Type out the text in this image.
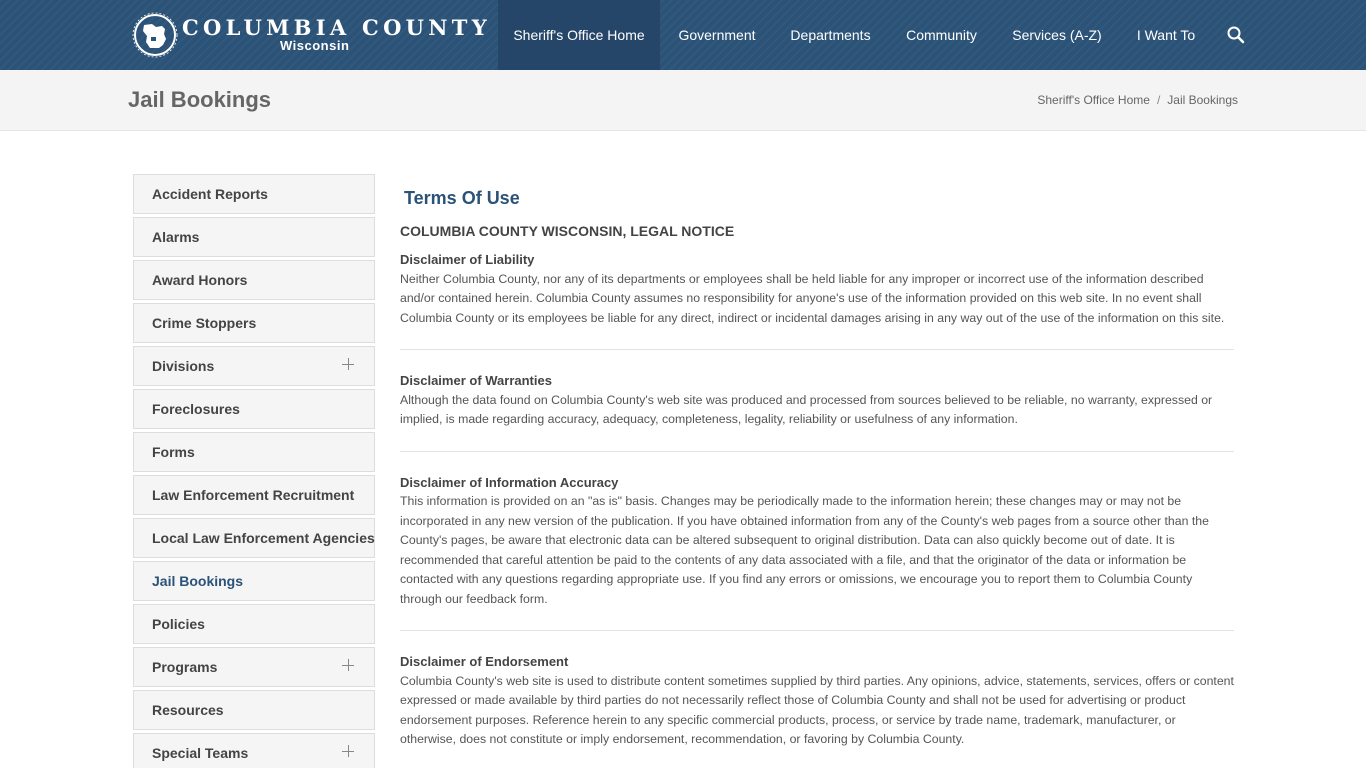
COLUMBIA COUNTY
Wisconsin
Sheriff's Office Home	Government	Departments	Community	Services (A-Z)	I Want To
Jail Bookings	Sheriff's Office Home / Jail Bookings
Accident Reports
Alarms
Award Honors
Crime Stoppers
Divisions
Foreclosures
Forms
Law Enforcement Recruitment
Local Law Enforcement Agencies
Jail Bookings
Policies
Programs
Resources
Special Teams
Terms Of Use
COLUMBIA COUNTY WISCONSIN, LEGAL NOTICE
Disclaimer of Liability
Neither Columbia County, nor any of its departments or employees shall be held liable for any improper or incorrect use of the information described and/or contained herein. Columbia County assumes no responsibility for anyone's use of the information provided on this web site. In no event shall Columbia County or its employees be liable for any direct, indirect or incidental damages arising in any way out of the use of the information on this site.
Disclaimer of Warranties
Although the data found on Columbia County's web site was produced and processed from sources believed to be reliable, no warranty, expressed or implied, is made regarding accuracy, adequacy, completeness, legality, reliability or usefulness of any information.
Disclaimer of Information Accuracy
This information is provided on an "as is" basis. Changes may be periodically made to the information herein; these changes may or may not be incorporated in any new version of the publication. If you have obtained information from any of the County's web pages from a source other than the County's pages, be aware that electronic data can be altered subsequent to original distribution. Data can also quickly become out of date. It is recommended that careful attention be paid to the contents of any data associated with a file, and that the originator of the data or information be contacted with any questions regarding appropriate use. If you find any errors or omissions, we encourage you to report them to Columbia County through our feedback form.
Disclaimer of Endorsement
Columbia County's web site is used to distribute content sometimes supplied by third parties. Any opinions, advice, statements, services, offers or content expressed or made available by third parties do not necessarily reflect those of Columbia County and shall not be used for advertising or product endorsement purposes. Reference herein to any specific commercial products, process, or service by trade name, trademark, manufacturer, or otherwise, does not constitute or imply endorsement, recommendation, or favoring by Columbia County.
